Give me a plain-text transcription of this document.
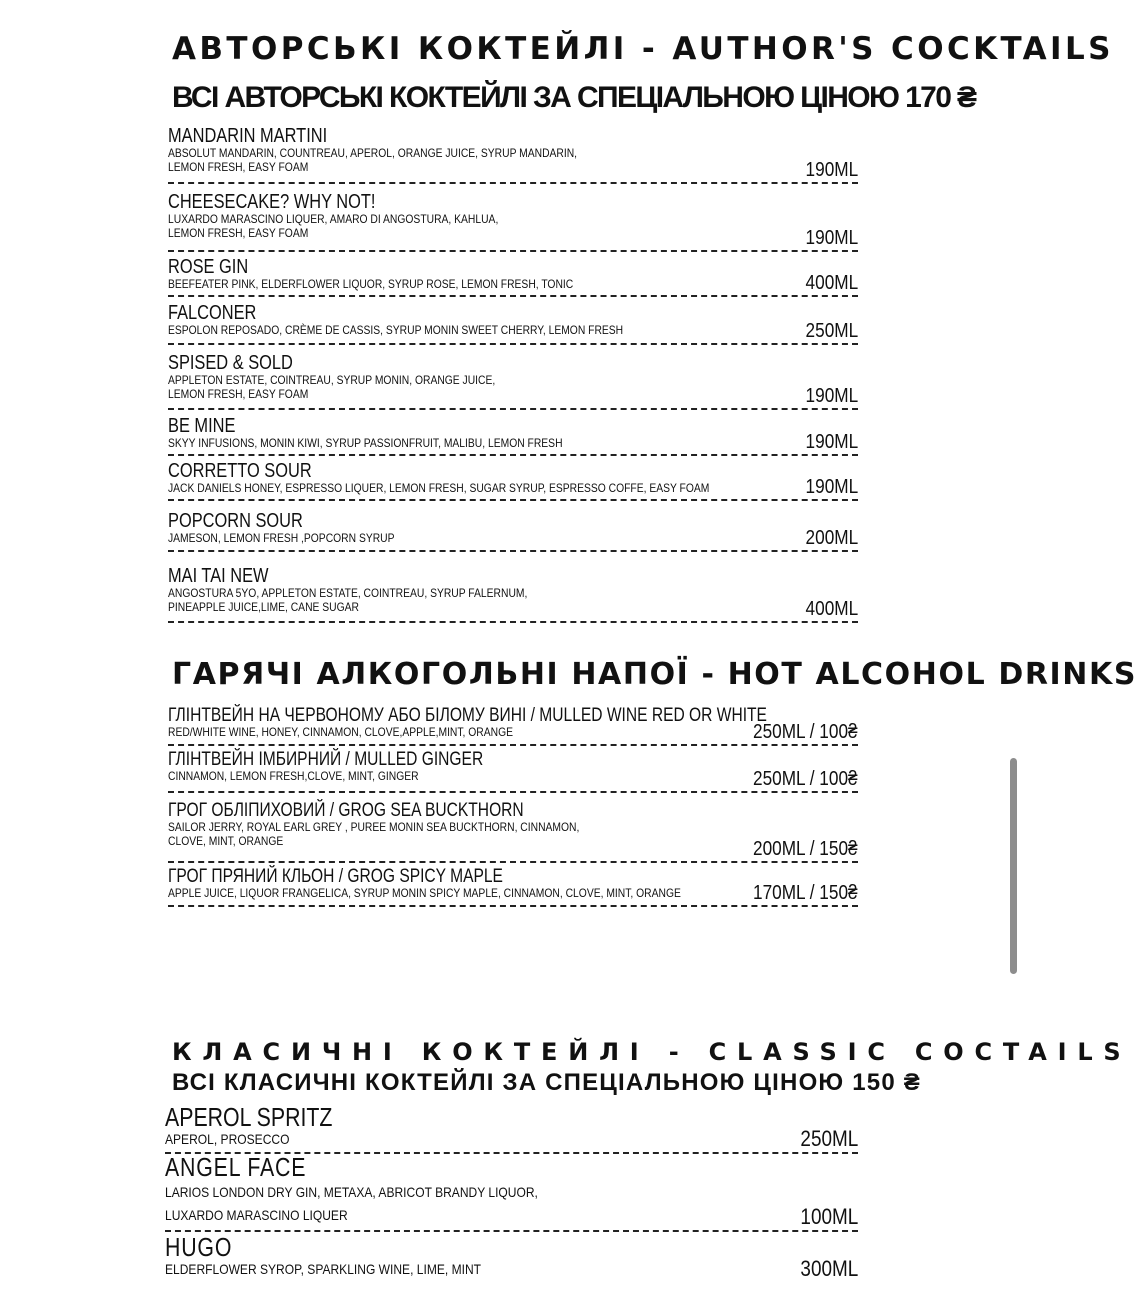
АВТОРСЬКІ КОКТЕЙЛІ - AUTHOR'S COCKTAILS
ВСІ АВТОРСЬКІ КОКТЕЙЛІ ЗА СПЕЦІАЛЬНОЮ ЦІНОЮ 170 ₴
MANDARIN MARTINI
ABSOLUT MANDARIN, COUNTREAU, APEROL, ORANGE JUICE, SYRUP MANDARIN,
LEMON FRESH, EASY FOAM	190ML
CHEESECAKE? WHY NOT!
LUXARDO MARASCINO LIQUER, AMARO DI ANGOSTURA, KAHLUA,
LEMON FRESH, EASY FOAM	190ML
ROSE GIN
BEEFEATER PINK, ELDERFLOWER LIQUOR, SYRUP ROSE, LEMON FRESH, TONIC	400ML
FALCONER
ESPOLON REPOSADO, CRÈME DE CASSIS, SYRUP MONIN SWEET CHERRY, LEMON FRESH	250ML
SPISED & SOLD
APPLETON ESTATE, COINTREAU, SYRUP MONIN, ORANGE JUICE,
LEMON FRESH, EASY FOAM	190ML
BE MINE
SKYY INFUSIONS, MONIN KIWI, SYRUP PASSIONFRUIT, MALIBU, LEMON FRESH	190ML
CORRETTO SOUR
JACK DANIELS HONEY, ESPRESSO LIQUER, LEMON FRESH, SUGAR SYRUP, ESPRESSO COFFE, EASY FOAM	190ML
POPCORN SOUR
JAMESON, LEMON FRESH ,POPCORN SYRUP	200ML
MAI TAI NEW
ANGOSTURA 5YO, APPLETON ESTATE, COINTREAU, SYRUP FALERNUM,
PINEAPPLE JUICE,LIME, CANE SUGAR	400ML
ГАРЯЧІ АЛКОГОЛЬНІ НАПОЇ - HOT ALCOHOL DRINKS
ГЛІНТВЕЙН НА ЧЕРВОНОМУ АБО БІЛОМУ ВИНІ / MULLED WINE RED OR WHITE
RED/WHITE WINE, HONEY, CINNAMON, CLOVE,APPLE,MINT, ORANGE	250ML / 100₴
ГЛІНТВЕЙН ІМБИРНИЙ / MULLED GINGER
CINNAMON, LEMON FRESH,CLOVE, MINT, GINGER	250ML / 100₴
ГРОГ ОБЛІПИХОВИЙ / GROG SEA BUCKTHORN
SAILOR JERRY, ROYAL EARL GREY , PUREE MONIN SEA BUCKTHORN, CINNAMON,
CLOVE, MINT, ORANGE	200ML / 150₴
ГРОГ ПРЯНИЙ КЛЬОН / GROG SPICY MAPLE
APPLE JUICE, LIQUOR FRANGELICA, SYRUP MONIN SPICY MAPLE, CINNAMON, CLOVE, MINT, ORANGE	170ML / 150₴
КЛАСИЧНІ КОКТЕЙЛІ - CLASSIC COCTAILS
ВСІ КЛАСИЧНІ КОКТЕЙЛІ ЗА СПЕЦІАЛЬНОЮ ЦІНОЮ 150 ₴
APEROL SPRITZ
APEROL, PROSECCO	250ML
ANGEL FACE
LARIOS LONDON DRY GIN, METAXA, ABRICOT BRANDY LIQUOR,
LUXARDO MARASCINO LIQUER	100ML
HUGO
ELDERFLOWER SYROP, SPARKLING WINE, LIME, MINT	300ML
